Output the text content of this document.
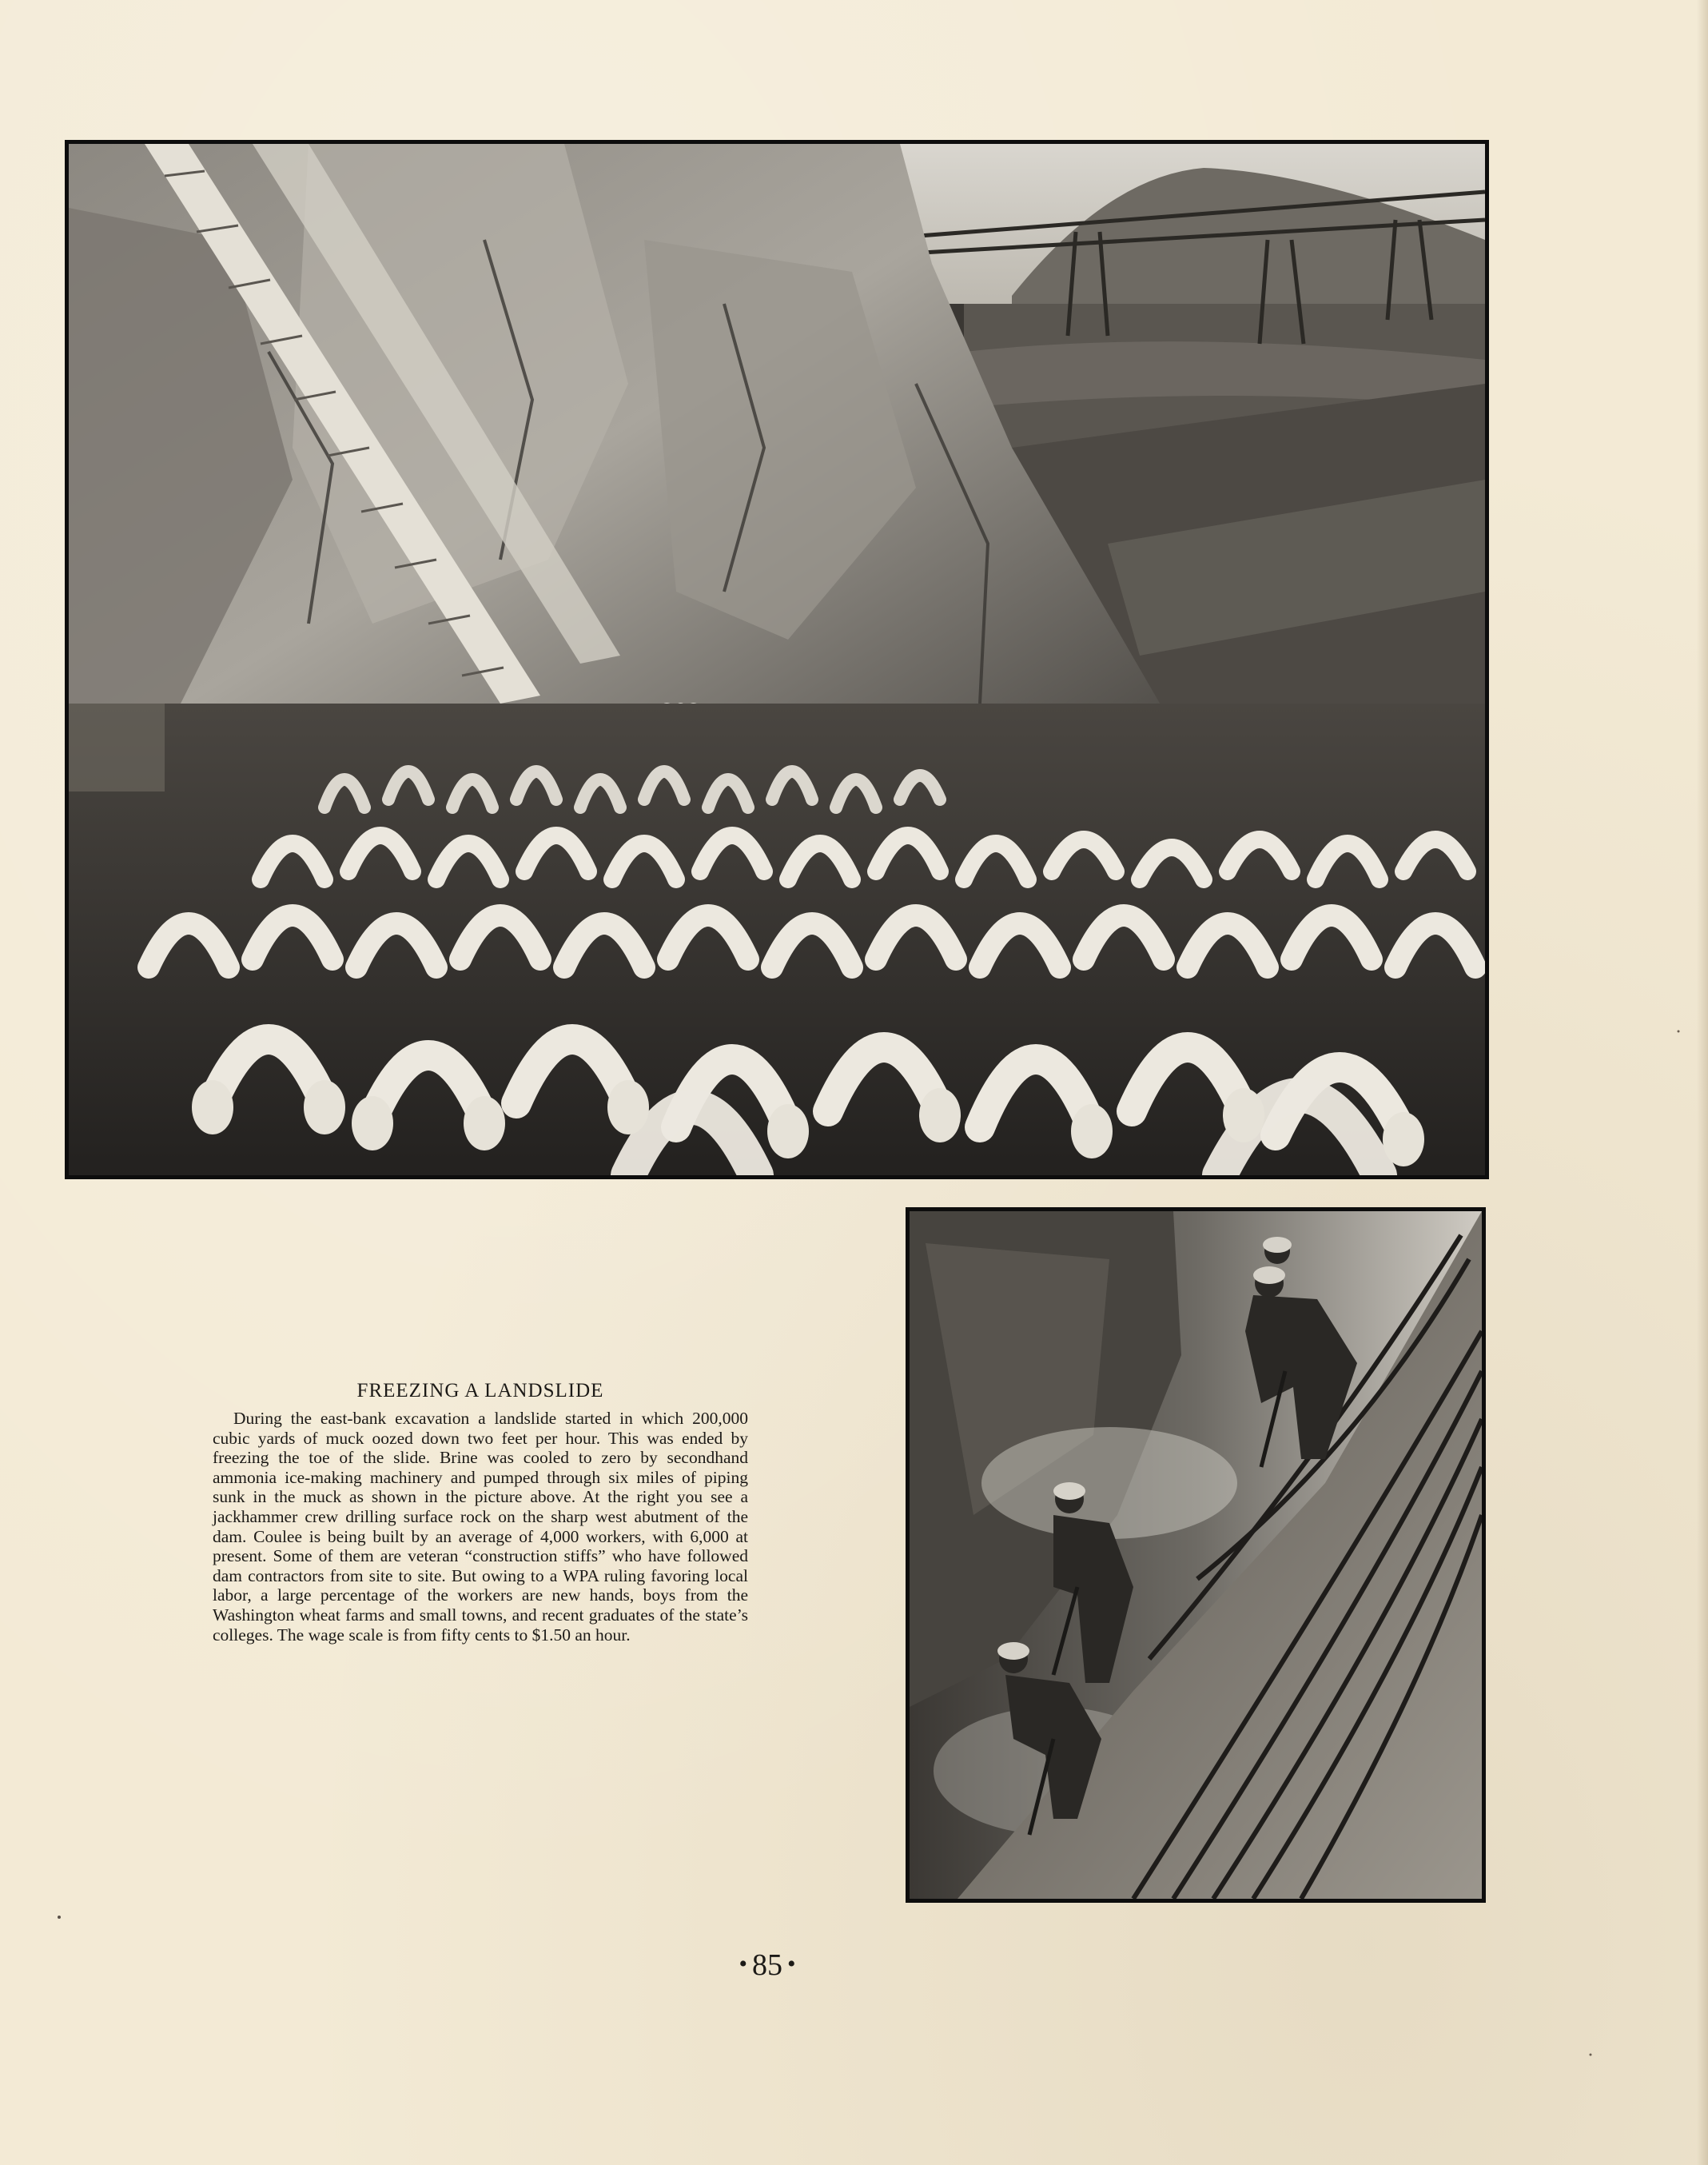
FREEZING A LANDSLIDE

During the east-bank excavation a landslide started in which 200,000 cubic yards of muck oozed down two feet per hour. This was ended by freezing the toe of the slide. Brine was cooled to zero by secondhand ammonia ice-making machinery and pumped through six miles of piping sunk in the muck as shown in the picture above. At the right you see a jackhammer crew drilling surface rock on the sharp west abutment of the dam. Coulee is being built by an average of 4,000 workers, with 6,000 at present. Some of them are veteran “construction stiffs” who have followed dam contractors from site to site. But owing to a WPA ruling favoring local labor, a large percentage of the workers are new hands, boys from the Washington wheat farms and small towns, and recent graduates of the state’s colleges. The wage scale is from fifty cents to $1.50 an hour.

• 85 •
